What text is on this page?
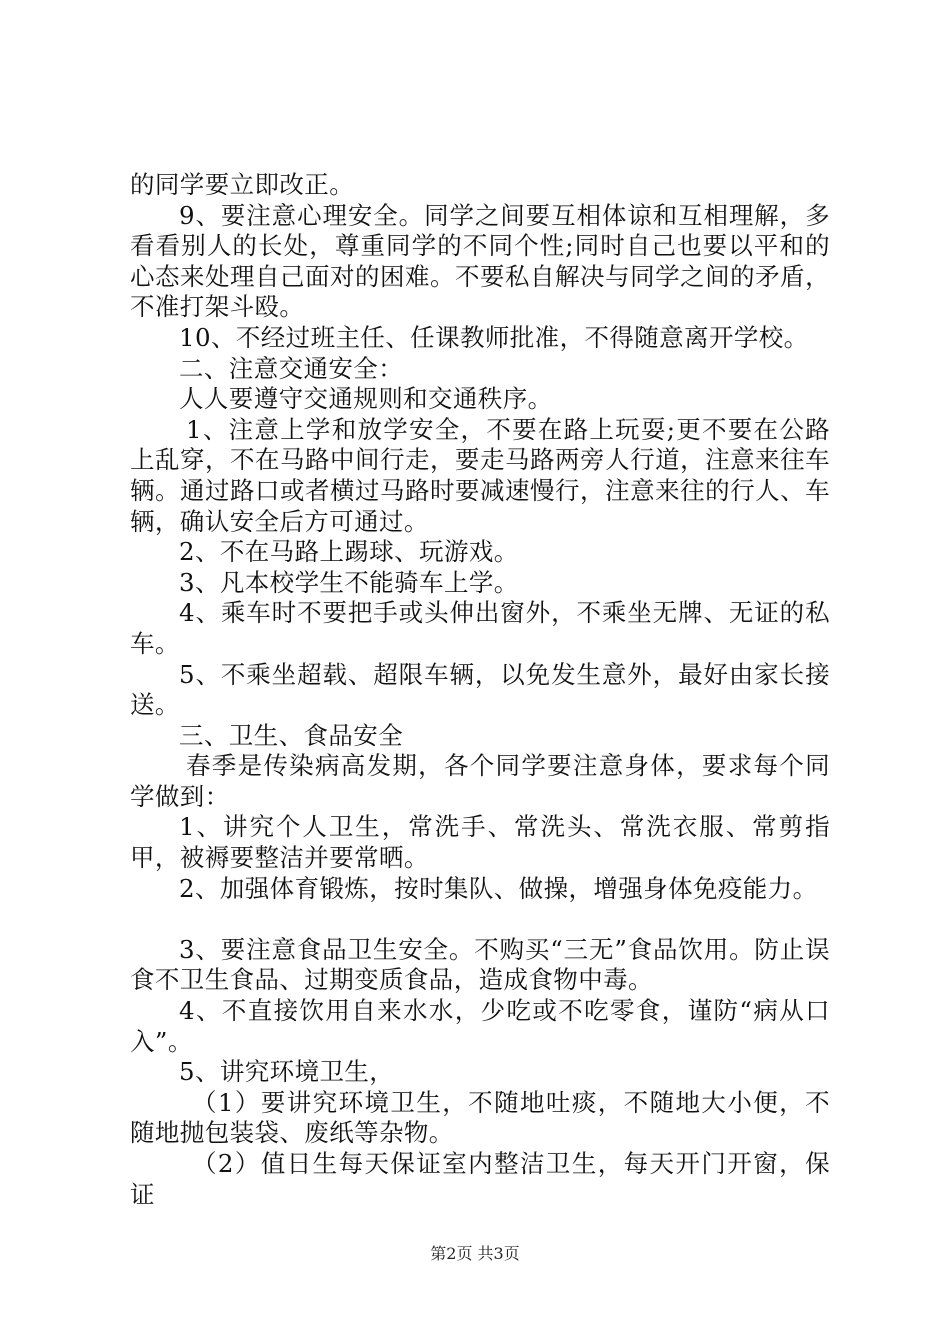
的同学要立即改正。

9、要注意心理安全。同学之间要互相体谅和互相理解，多看看别人的长处，尊重同学的不同个性;同时自己也要以平和的心态来处理自己面对的困难。不要私自解决与同学之间的矛盾，不准打架斗殴。

10、不经过班主任、任课教师批准，不得随意离开学校。

二、注意交通安全：

人人要遵守交通规则和交通秩序。

1、注意上学和放学安全，不要在路上玩耍;更不要在公路上乱穿，不在马路中间行走，要走马路两旁人行道，注意来往车辆。通过路口或者横过马路时要减速慢行，注意来往的行人、车辆，确认安全后方可通过。

2、不在马路上踢球、玩游戏。

3、凡本校学生不能骑车上学。

4、乘车时不要把手或头伸出窗外，不乘坐无牌、无证的私车。

5、不乘坐超载、超限车辆，以免发生意外，最好由家长接送。

三、卫生、食品安全

春季是传染病高发期，各个同学要注意身体，要求每个同学做到：

1、讲究个人卫生，常洗手、常洗头、常洗衣服、常剪指甲，被褥要整洁并要常晒。

2、加强体育锻炼，按时集队、做操，增强身体免疫能力。

3、要注意食品卫生安全。不购买“三无”食品饮用。防止误食不卫生食品、过期变质食品，造成食物中毒。

4、不直接饮用自来水水，少吃或不吃零食，谨防“病从口入”。

5、讲究环境卫生，

（1）要讲究环境卫生，不随地吐痰，不随地大小便，不随地抛包装袋、废纸等杂物。

（2）值日生每天保证室内整洁卫生，每天开门开窗，保证

第2页 共3页
